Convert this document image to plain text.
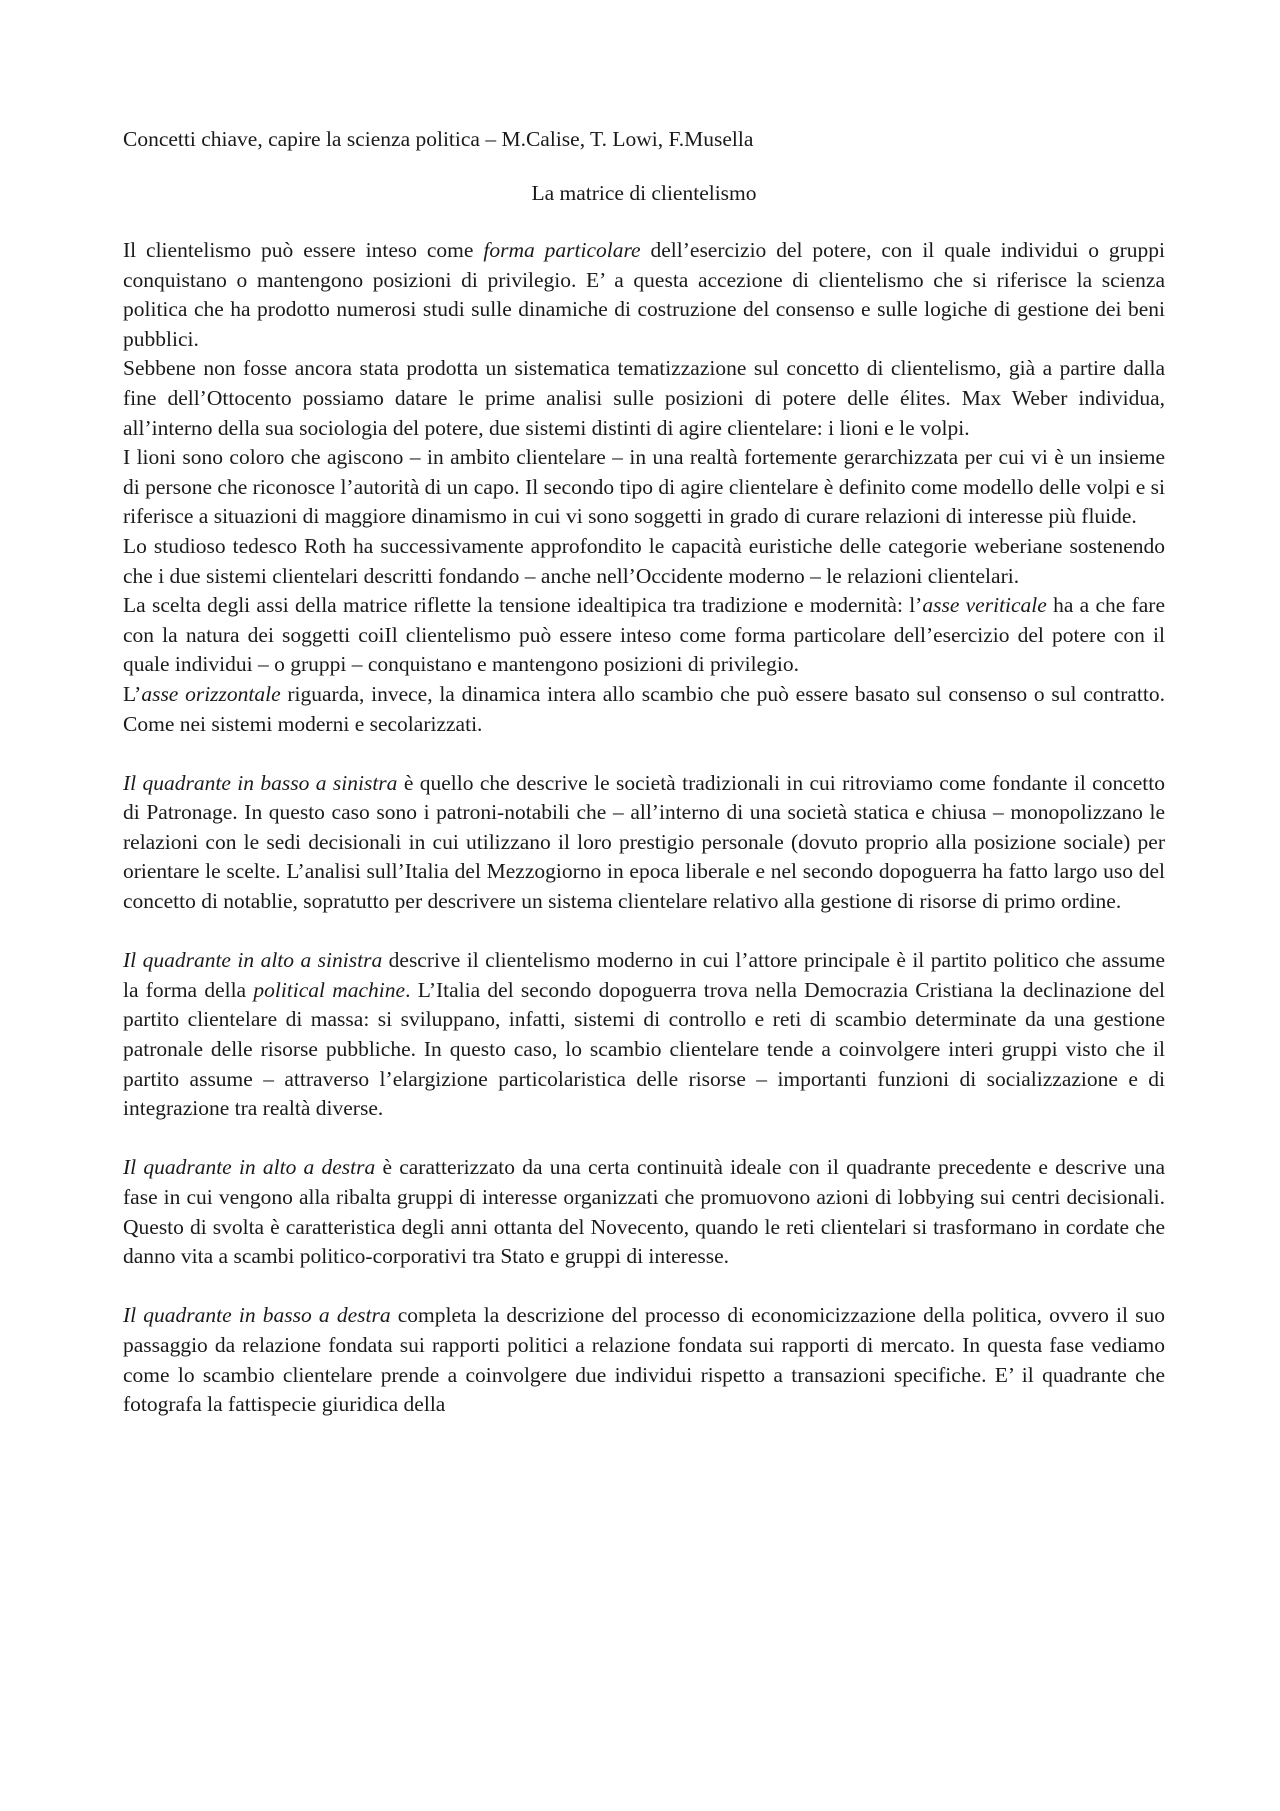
Concetti chiave, capire la scienza politica – M.Calise, T. Lowi, F.Musella

La matrice di clientelismo

Il clientelismo può essere inteso come forma particolare dell’esercizio del potere, con il quale individui o gruppi conquistano o mantengono posizioni di privilegio. E’ a questa accezione di clientelismo che si riferisce la scienza politica che ha prodotto numerosi studi sulle dinamiche di costruzione del consenso e sulle logiche di gestione dei beni pubblici.

Sebbene non fosse ancora stata prodotta un sistematica tematizzazione sul concetto di clientelismo, già a partire dalla fine dell’Ottocento possiamo datare le prime analisi sulle posizioni di potere delle élites. Max Weber individua, all’interno della sua sociologia del potere, due sistemi distinti di agire clientelare: i lioni e le volpi.

I lioni sono coloro che agiscono – in ambito clientelare – in una realtà fortemente gerarchizzata per cui vi è un insieme di persone che riconosce l’autorità di un capo. Il secondo tipo di agire clientelare è definito come modello delle volpi e si riferisce a situazioni di maggiore dinamismo in cui vi sono soggetti in grado di curare relazioni di interesse più fluide.

Lo studioso tedesco Roth ha successivamente approfondito le capacità euristiche delle categorie weberiane sostenendo che i due sistemi clientelari descritti fondando – anche nell’Occidente moderno – le relazioni clientelari.

La scelta degli assi della matrice riflette la tensione idealtipica tra tradizione e modernità: l’asse veriticale ha a che fare con la natura dei soggetti coiIl clientelismo può essere inteso come forma particolare dell’esercizio del potere con il quale individui – o gruppi – conquistano e mantengono posizioni di privilegio.

L’asse orizzontale riguarda, invece, la dinamica intera allo scambio che può essere basato sul consenso o sul contratto. Come nei sistemi moderni e secolarizzati.

Il quadrante in basso a sinistra è quello che descrive le società tradizionali in cui ritroviamo come fondante il concetto di Patronage. In questo caso sono i patroni-notabili che – all’interno di una società statica e chiusa – monopolizzano le relazioni con le sedi decisionali in cui utilizzano il loro prestigio personale (dovuto proprio alla posizione sociale) per orientare le scelte. L’analisi sull’Italia del Mezzogiorno in epoca liberale e nel secondo dopoguerra ha fatto largo uso del concetto di notablie, sopratutto per descrivere un sistema clientelare relativo alla gestione di risorse di primo ordine.

Il quadrante in alto a sinistra descrive il clientelismo moderno in cui l’attore principale è il partito politico che assume la forma della political machine. L’Italia del secondo dopoguerra trova nella Democrazia Cristiana la declinazione del partito clientelare di massa: si sviluppano, infatti, sistemi di controllo e reti di scambio determinate da una gestione patronale delle risorse pubbliche. In questo caso, lo scambio clientelare tende a coinvolgere interi gruppi visto che il partito assume – attraverso l’elargizione particolaristica delle risorse – importanti funzioni di socializzazione e di integrazione tra realtà diverse.

Il quadrante in alto a destra è caratterizzato da una certa continuità ideale con il quadrante precedente e descrive una fase in cui vengono alla ribalta gruppi di interesse organizzati che promuovono azioni di lobbying sui centri decisionali. Questo di svolta è caratteristica degli anni ottanta del Novecento, quando le reti clientelari si trasformano in cordate che danno vita a scambi politico-corporativi tra Stato e gruppi di interesse.

Il quadrante in basso a destra completa la descrizione del processo di economicizzazione della politica, ovvero il suo passaggio da relazione fondata sui rapporti politici a relazione fondata sui rapporti di mercato. In questa fase vediamo come lo scambio clientelare prende a coinvolgere due individui rispetto a transazioni specifiche. E’ il quadrante che fotografa la fattispecie giuridica della
